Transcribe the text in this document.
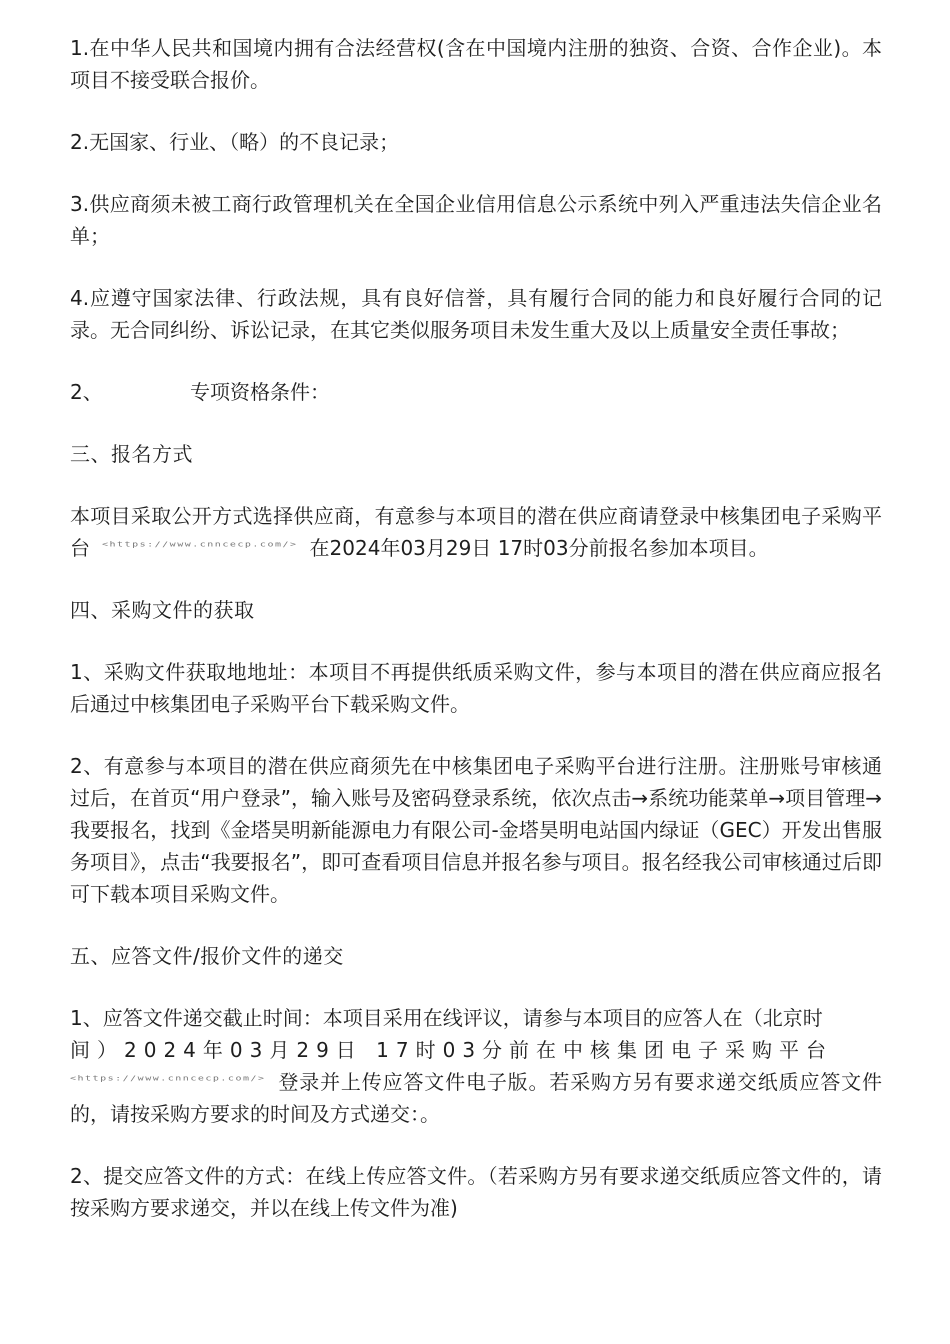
1.在中华人民共和国境内拥有合法经营权(含在中国境内注册的独资、合资、合作企业)。本项目不接受联合报价。

2.无国家、行业、（略）的不良记录；

3.供应商须未被工商行政管理机关在全国企业信用信息公示系统中列入严重违法失信企业名单；

4.应遵守国家法律、行政法规，具有良好信誉，具有履行合同的能力和良好履行合同的记录。无合同纠纷、诉讼记录，在其它类似服务项目未发生重大及以上质量安全责任事故；

2、	专项资格条件：

三、报名方式

本项目采取公开方式选择供应商，有意参与本项目的潜在供应商请登录中核集团电子采购平台 <https://www.cnncecp.com/> 在2024年03月29日 17时03分前报名参加本项目。

四、采购文件的获取

1、采购文件获取地地址：本项目不再提供纸质采购文件，参与本项目的潜在供应商应报名后通过中核集团电子采购平台下载采购文件。

2、有意参与本项目的潜在供应商须先在中核集团电子采购平台进行注册。注册账号审核通过后，在首页“用户登录”，输入账号及密码登录系统，依次点击→系统功能菜单→项目管理→我要报名，找到《金塔昊明新能源电力有限公司-金塔昊明电站国内绿证（GEC）开发出售服务项目》，点击“我要报名”，即可查看项目信息并报名参与项目。报名经我公司审核通过后即可下载本项目采购文件。

五、应答文件/报价文件的递交

1、应答文件递交截止时间：本项目采用在线评议，请参与本项目的应答人在（北京时
间）2024年03月29日 17时03分前在中核集团电子采购平台
<https://www.cnncecp.com/> 登录并上传应答文件电子版。若采购方另有要求递交纸质应答文件的，请按采购方要求的时间及方式递交：。

2、提交应答文件的方式：在线上传应答文件。（若采购方另有要求递交纸质应答文件的，请按采购方要求递交，并以在线上传文件为准)
